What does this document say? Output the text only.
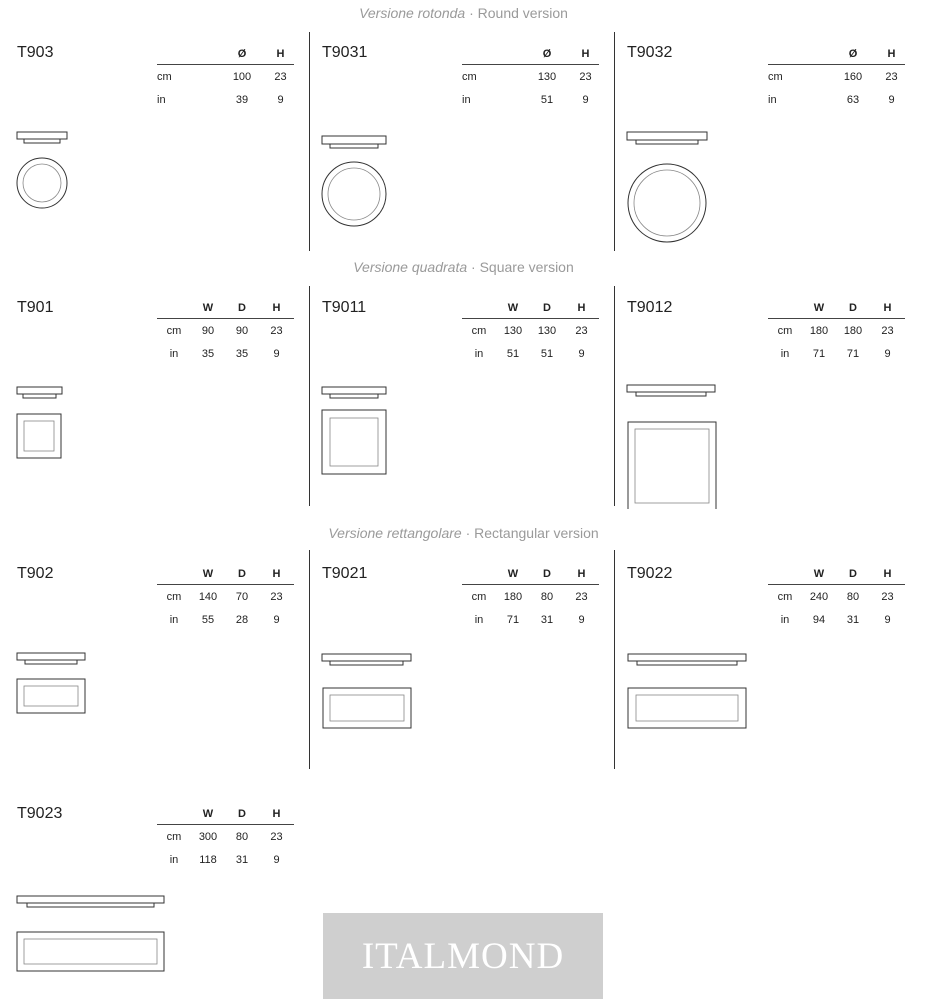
Versione rotonda · Round version
Versione quadrata · Square version
Versione rettangolare · Rectangular version
T903
		Ø	H
cm	100	23
in	39	9
T9031
		Ø	H
cm	130	23
in	51	9
T9032
		Ø	H
cm	160	23
in	63	9
T901
		W	D	H
cm	90	90	23
in	35	35	9
T9011
		W	D	H
cm	130	130	23
in	51	51	9
T9012
		W	D	H
cm	180	180	23
in	71	71	9
T902
		W	D	H
cm	140	70	23
in	55	28	9
T9021
		W	D	H
cm	180	80	23
in	71	31	9
T9022
		W	D	H
cm	240	80	23
in	94	31	9
T9023
		W	D	H
cm	300	80	23
in	118	31	9
ITALMOND
